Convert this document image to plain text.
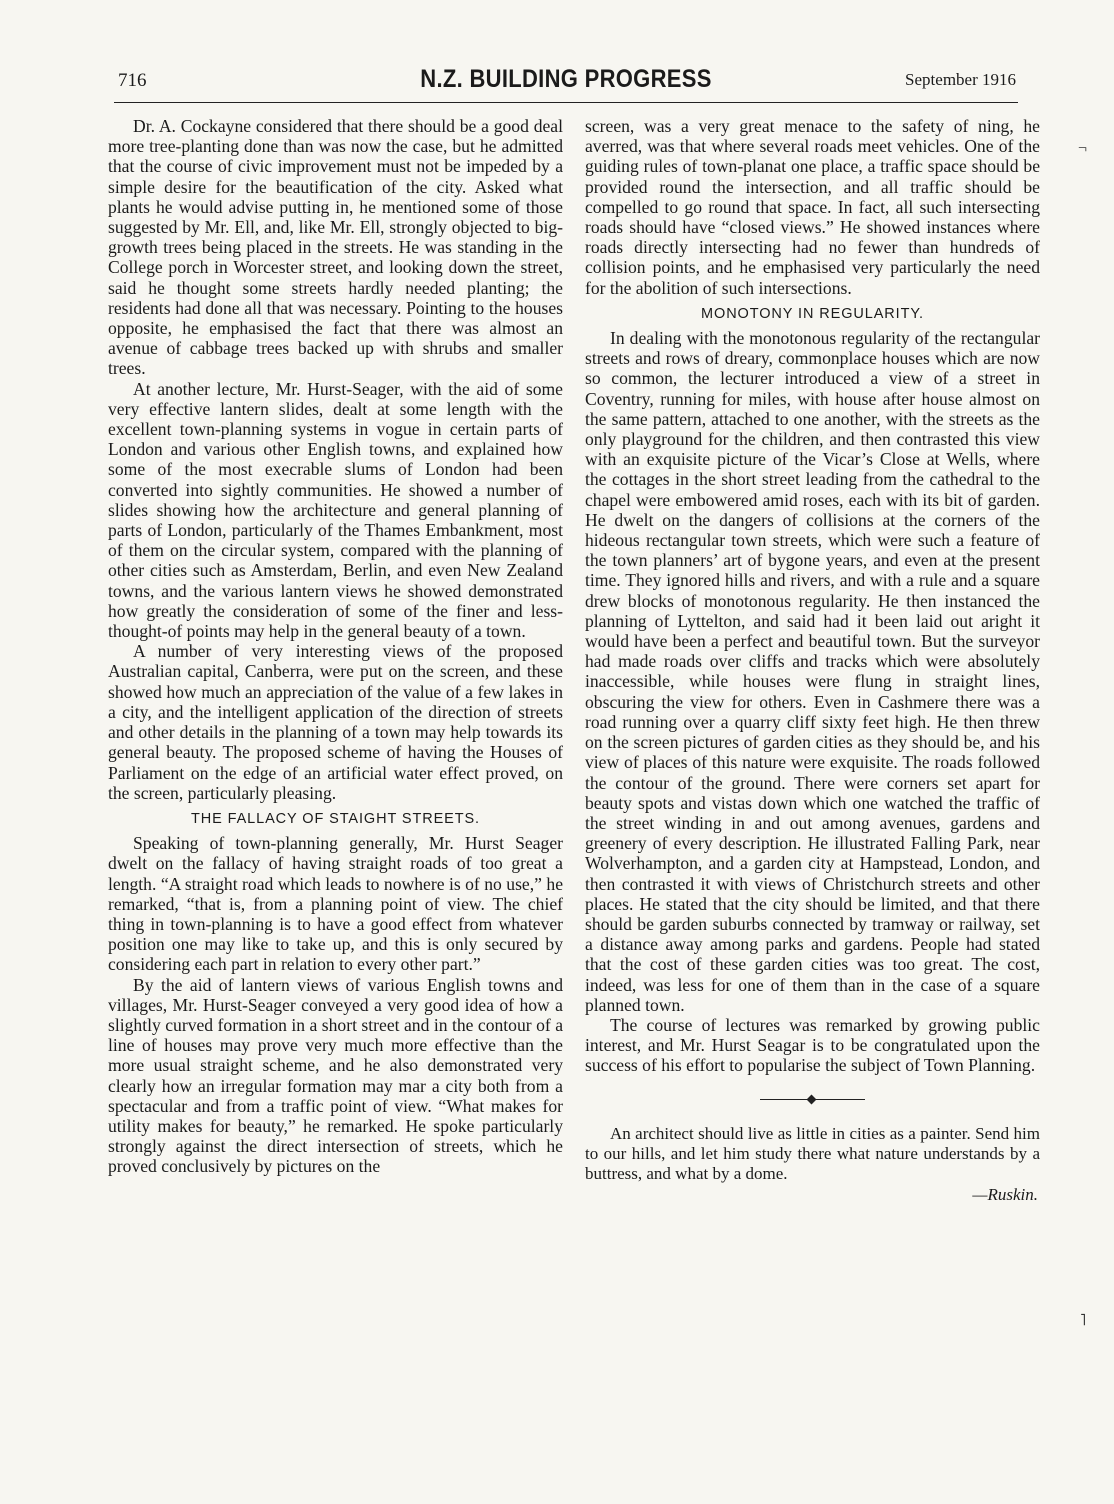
716	N.Z. BUILDING PROGRESS	September 1916

Dr. A. Cockayne considered that there should be a good deal more tree-planting done than was now the case, but he admitted that the course of civic improvement must not be impeded by a simple desire for the beautification of the city. Asked what plants he would advise putting in, he mentioned some of those suggested by Mr. Ell, and, like Mr. Ell, strongly objected to big-growth trees being placed in the streets. He was standing in the College porch in Worcester street, and looking down the street, said he thought some streets hardly needed planting; the residents had done all that was necessary. Pointing to the houses opposite, he emphasised the fact that there was almost an avenue of cabbage trees backed up with shrubs and smaller trees.

At another lecture, Mr. Hurst-Seager, with the aid of some very effective lantern slides, dealt at some length with the excellent town-planning systems in vogue in certain parts of London and various other English towns, and explained how some of the most execrable slums of London had been converted into sightly communities. He showed a number of slides showing how the architecture and general planning of parts of London, particularly of the Thames Embankment, most of them on the circular system, compared with the planning of other cities such as Amsterdam, Berlin, and even New Zealand towns, and the various lantern views he showed demonstrated how greatly the consideration of some of the finer and less-thought-of points may help in the general beauty of a town.

A number of very interesting views of the proposed Australian capital, Canberra, were put on the screen, and these showed how much an appreciation of the value of a few lakes in a city, and the intelligent application of the direction of streets and other details in the planning of a town may help towards its general beauty. The proposed scheme of having the Houses of Parliament on the edge of an artificial water effect proved, on the screen, particularly pleasing.

THE FALLACY OF STAIGHT STREETS.

Speaking of town-planning generally, Mr. Hurst Seager dwelt on the fallacy of having straight roads of too great a length. “A straight road which leads to nowhere is of no use,” he remarked, “that is, from a planning point of view. The chief thing in town-planning is to have a good effect from whatever position one may like to take up, and this is only secured by considering each part in relation to every other part.”

By the aid of lantern views of various English towns and villages, Mr. Hurst-Seager conveyed a very good idea of how a slightly curved formation in a short street and in the contour of a line of houses may prove very much more effective than the more usual straight scheme, and he also demonstrated very clearly how an irregular formation may mar a city both from a spectacular and from a traffic point of view. “What makes for utility makes for beauty,” he remarked. He spoke particularly strongly against the direct intersection of streets, which he proved conclusively by pictures on the

screen, was a very great menace to the safety of ning, he averred, was that where several roads meet vehicles. One of the guiding rules of town-planat one place, a traffic space should be provided round the intersection, and all traffic should be compelled to go round that space. In fact, all such intersecting roads should have “closed views.” He showed instances where roads directly intersecting had no fewer than hundreds of collision points, and he emphasised very particularly the need for the abolition of such intersections.

MONOTONY IN REGULARITY.

In dealing with the monotonous regularity of the rectangular streets and rows of dreary, commonplace houses which are now so common, the lecturer introduced a view of a street in Coventry, running for miles, with house after house almost on the same pattern, attached to one another, with the streets as the only playground for the children, and then contrasted this view with an exquisite picture of the Vicar’s Close at Wells, where the cottages in the short street leading from the cathedral to the chapel were embowered amid roses, each with its bit of garden. He dwelt on the dangers of collisions at the corners of the hideous rectangular town streets, which were such a feature of the town planners’ art of bygone years, and even at the present time. They ignored hills and rivers, and with a rule and a square drew blocks of monotonous regularity. He then instanced the planning of Lyttelton, and said had it been laid out aright it would have been a perfect and beautiful town. But the surveyor had made roads over cliffs and tracks which were absolutely inaccessible, while houses were flung in straight lines, obscuring the view for others. Even in Cashmere there was a road running over a quarry cliff sixty feet high. He then threw on the screen pictures of garden cities as they should be, and his view of places of this nature were exquisite. The roads followed the contour of the ground. There were corners set apart for beauty spots and vistas down which one watched the traffic of the street winding in and out among avenues, gardens and greenery of every description. He illustrated Falling Park, near Wolverhampton, and a garden city at Hampstead, London, and then contrasted it with views of Christchurch streets and other places. He stated that the city should be limited, and that there should be garden suburbs connected by tramway or railway, set a distance away among parks and gardens. People had stated that the cost of these garden cities was too great. The cost, indeed, was less for one of them than in the case of a square planned town.

The course of lectures was remarked by growing public interest, and Mr. Hurst Seagar is to be congratulated upon the success of his effort to popularise the subject of Town Planning.

An architect should live as little in cities as a painter. Send him to our hills, and let him study there what nature understands by a buttress, and what by a dome.

—Ruskin.
¬
˥
